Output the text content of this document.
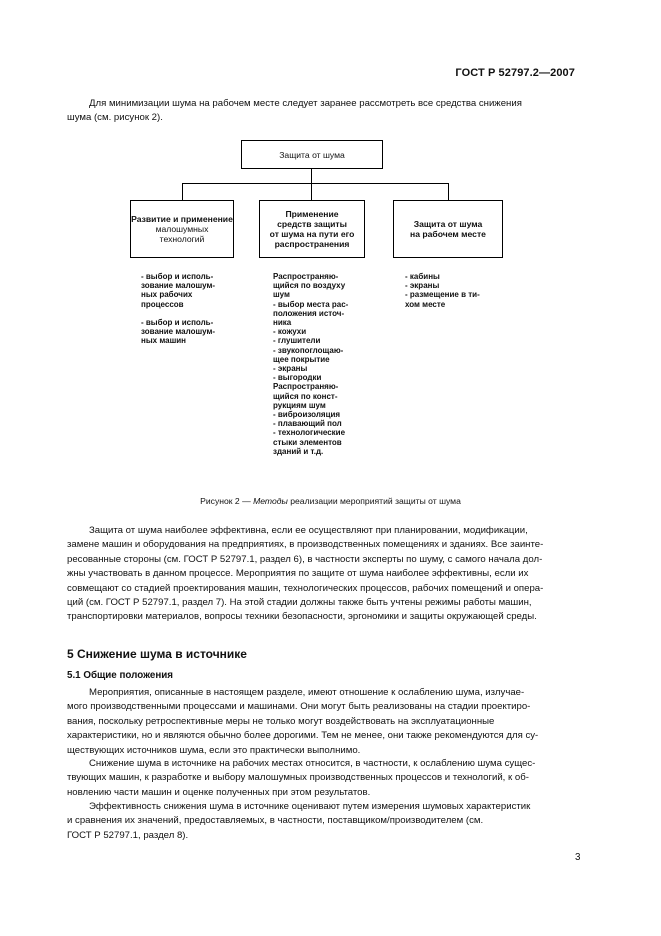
ГОСТ Р 52797.2—2007
Для минимизации шума на рабочем месте следует заранее рассмотреть все средства снижения
шума (см. рисунок 2).
Защита от шума
Развитие и применение
малошумных
технологий
Применение
средств защиты
от шума на пути его
распространения
Защита от шума
на рабочем месте
- выбор и исполь-
зование малошум-
ных рабочих
процессов
- выбор и исполь-
зование малошум-
ных машин
Распространяю-
щийся по воздуху
шум
- выбор места рас-
положения источ-
ника
- кожухи
- глушители
- звукопоглощаю-
щее покрытие
- экраны
- выгородки
Распространяю-
щийся по конст-
рукциям шум
- виброизоляция
- плавающий пол
- технологические
стыки элементов
зданий и т.д.
- кабины
- экраны
- размещение в ти-
хом месте
Рисунок 2 — Методы реализации мероприятий защиты от шума
Защита от шума наиболее эффективна, если ее осуществляют при планировании, модификации,
замене машин и оборудования на предприятиях, в производственных помещениях и зданиях. Все заинте-
ресованные стороны (см. ГОСТ Р 52797.1, раздел 6), в частности эксперты по шуму, с самого начала дол-
жны участвовать в данном процессе. Мероприятия по защите от шума наиболее эффективны, если их
совмещают со стадией проектирования машин, технологических процессов, рабочих помещений и опера-
ций (см. ГОСТ Р 52797.1, раздел 7). На этой стадии должны также быть учтены режимы работы машин,
транспортировки материалов, вопросы техники безопасности, эргономики и защиты окружающей среды.
5 Снижение шума в источнике
5.1 Общие положения
Мероприятия, описанные в настоящем разделе, имеют отношение к ослаблению шума, излучае-
мого производственными процессами и машинами. Они могут быть реализованы на стадии проектиро-
вания, поскольку ретроспективные меры не только могут воздействовать на эксплуатационные
характеристики, но и являются обычно более дорогими. Тем не менее, они также рекомендуются для су-
ществующих источников шума, если это практически выполнимо.
Снижение шума в источнике на рабочих местах относится, в частности, к ослаблению шума сущес-
твующих машин, к разработке и выбору малошумных производственных процессов и технологий, к об-
новлению части машин и оценке полученных при этом результатов.
Эффективность снижения шума в источнике оценивают путем измерения шумовых характеристик
и сравнения их значений, предоставляемых, в частности, поставщиком/производителем (см.
ГОСТ Р 52797.1, раздел 8).
3
